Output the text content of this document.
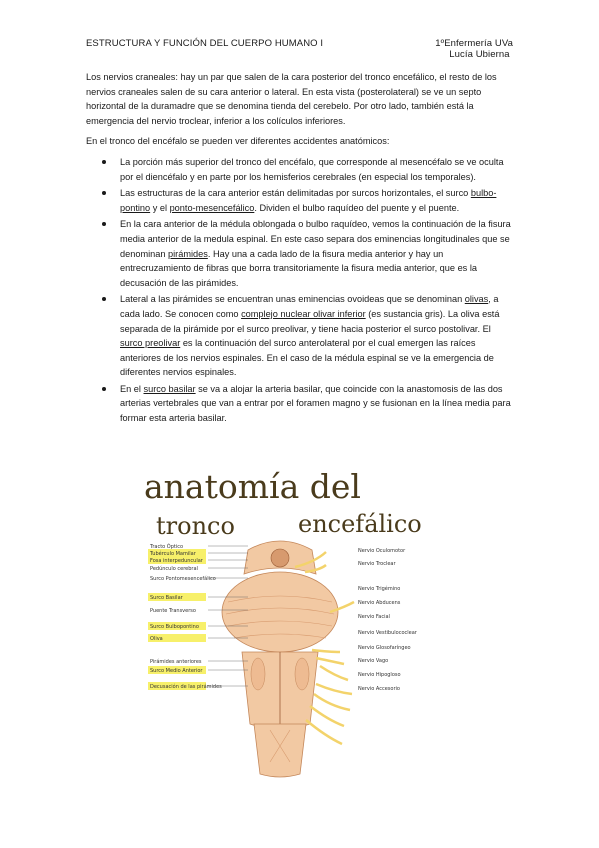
ESTRUCTURA Y FUNCIÓN DEL CUERPO HUMANO I	1ºEnfermería UVa
Lucía Ubierna

Los nervios craneales: hay un par que salen de la cara posterior del tronco encefálico, el resto de los nervios craneales salen de su cara anterior o lateral. En esta vista (posterolateral) se ve un septo horizontal de la duramadre que se denomina tienda del cerebelo. Por otro lado, también está la emergencia del nervio troclear, inferior a los colículos inferiores.

En el tronco del encéfalo se pueden ver diferentes accidentes anatómicos:

La porción más superior del tronco del encéfalo, que corresponde al mesencéfalo se ve oculta por el diencéfalo y en parte por los hemisferios cerebrales (en especial los temporales).
Las estructuras de la cara anterior están delimitadas por surcos horizontales, el surco bulbo-pontino y el ponto-mesencefálico. Dividen el bulbo raquídeo del puente y el puente.
En la cara anterior de la médula oblongada o bulbo raquídeo, vemos la continuación de la fisura media anterior de la medula espinal. En este caso separa dos eminencias longitudinales que se denominan pirámides. Hay una a cada lado de la fisura media anterior y hay un entrecruzamiento de fibras que borra transitoriamente la fisura media anterior, que es la decusación de las pirámides.
Lateral a las pirámides se encuentran unas eminencias ovoideas que se denominan olivas, a cada lado. Se conocen como complejo nuclear olivar inferior (es sustancia gris). La oliva está separada de la pirámide por el surco preolivar, y tiene hacia posterior el surco postolivar. El surco preolivar es la continuación del surco anterolateral por el cual emergen las raíces anteriores de los nervios espinales. En el caso de la médula espinal se ve la emergencia de diferentes nervios espinales.
En el surco basilar se va a alojar la arteria basilar, que coincide con la anastomosis de las dos arterias vertebrales que van a entrar por el foramen magno y se fusionan en la línea media para formar esta arteria basilar.
anatomía del
tronco	encefálico
Tracto Óptico
Tubérculo Mamilar
Fosa interpeduncular
Pedúnculo cerebral
Surco Pontomesencefálico
Surco Basilar
Puente Transverso
Surco Bulbopontino
Oliva
Pirámides anteriores
Surco Medio Anterior
Decusación de las pirámides
Nervio Oculomotor
Nervio Troclear
Nervio Trigémino
Nervio Abducens
Nervio Facial
Nervio Vestibulococlear
Nervio Glosofaríngeo
Nervio Vago
Nervio Hipogloso
Nervio Accesorio
